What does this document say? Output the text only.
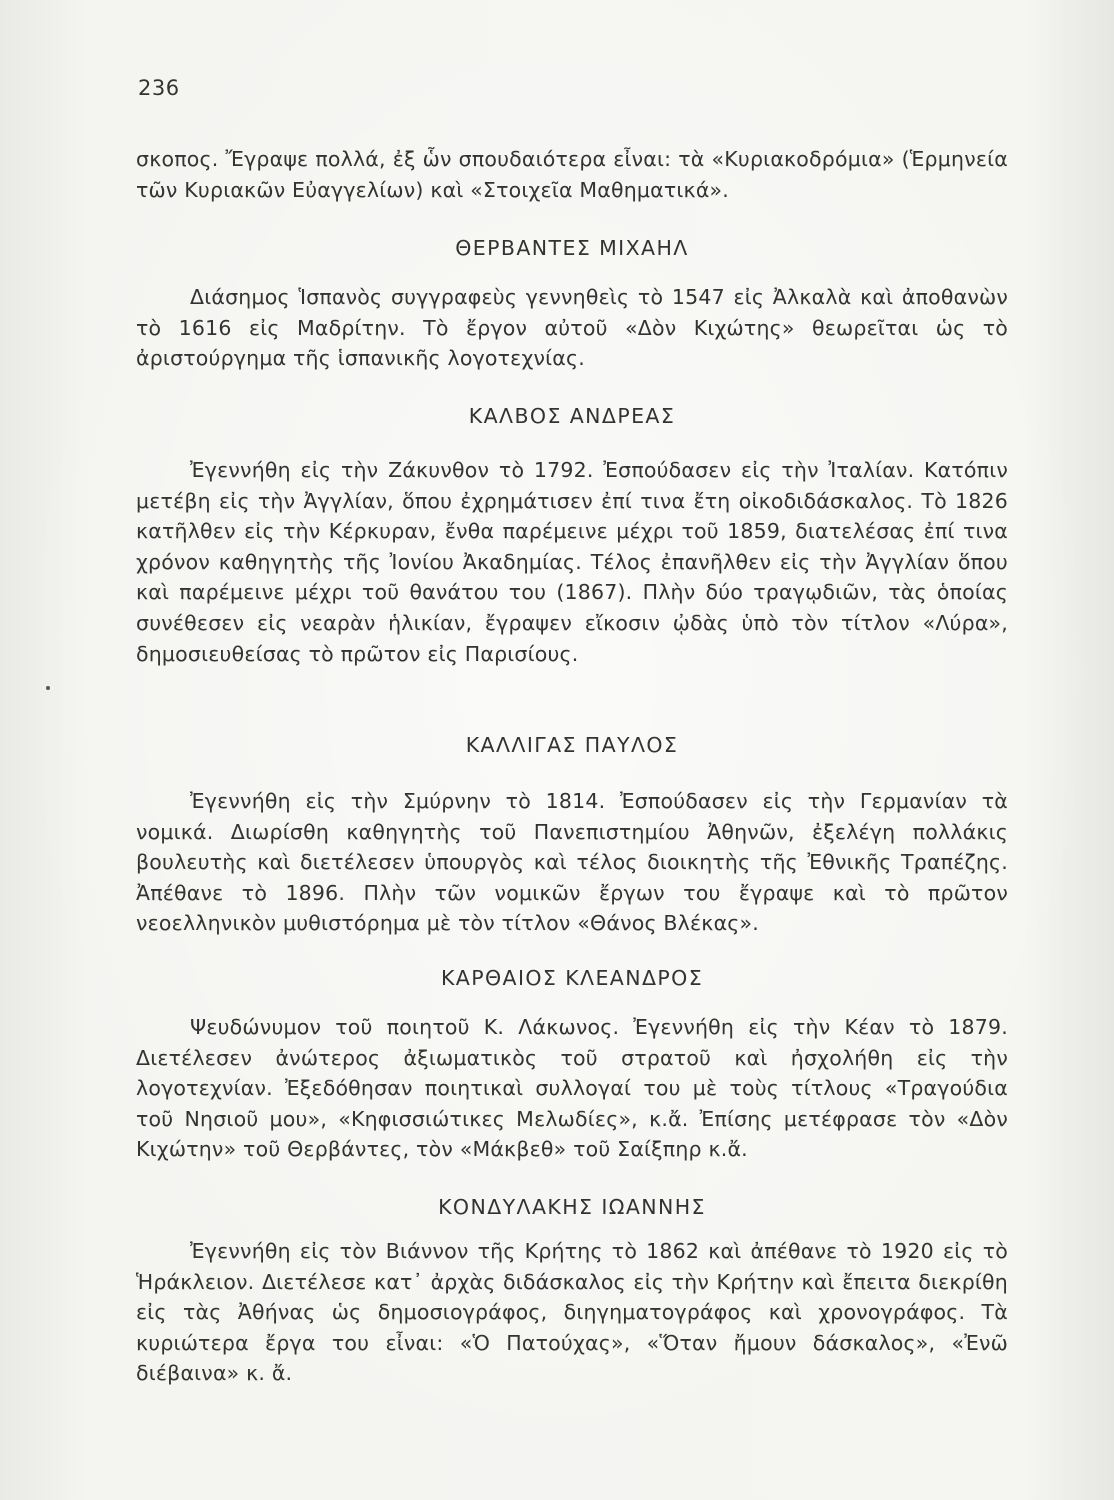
236
σκοπος. Ἔγραψε πολλά, ἐξ ὧν σπουδαιότερα εἶναι: τὰ «Κυριακοδρόμια» (Ἑρμηνεία τῶν Κυριακῶν Εὐαγγελίων) καὶ «Στοιχεῖα Μαθηματικά».
ΘΕΡΒΑΝΤΕΣ ΜΙΧΑΗΛ
Διάσημος Ἱσπανὸς συγγραφεὺς γεννηθεὶς τὸ 1547 εἰς Ἀλκαλὰ καὶ ἀποθανὼν τὸ 1616 εἰς Μαδρίτην. Τὸ ἔργον αὐτοῦ «Δὸν Κιχώτης» θεωρεῖται ὡς τὸ ἀριστούργημα τῆς ἱσπανικῆς λογοτεχνίας.
ΚΑΛΒΟΣ ΑΝΔΡΕΑΣ
Ἐγεννήθη εἰς τὴν Ζάκυνθον τὸ 1792. Ἐσπούδασεν εἰς τὴν Ἰταλίαν. Κατόπιν μετέβη εἰς τὴν Ἀγγλίαν, ὅπου ἐχρημάτισεν ἐπί τινα ἔτη οἰκοδιδάσκαλος. Τὸ 1826 κατῆλθεν εἰς τὴν Κέρκυραν, ἔνθα παρέμεινε μέχρι τοῦ 1859, διατελέσας ἐπί τινα χρόνον καθηγητὴς τῆς Ἰονίου Ἀκαδημίας. Τέλος ἐπανῆλθεν εἰς τὴν Ἀγγλίαν ὅπου καὶ παρέμεινε μέχρι τοῦ θανάτου του (1867). Πλὴν δύο τραγῳδιῶν, τὰς ὁποίας συνέθεσεν εἰς νεαρὰν ἡλικίαν, ἔγραψεν εἴκοσιν ᾠδὰς ὑπὸ τὸν τίτλον «Λύρα», δημοσιευθείσας τὸ πρῶτον εἰς Παρισίους.
ΚΑΛΛΙΓΑΣ ΠΑΥΛΟΣ
Ἐγεννήθη εἰς τὴν Σμύρνην τὸ 1814. Ἐσπούδασεν εἰς τὴν Γερμανίαν τὰ νομικά. Διωρίσθη καθηγητὴς τοῦ Πανεπιστημίου Ἀθηνῶν, ἐξελέγη πολλάκις βουλευτὴς καὶ διετέλεσεν ὑπουργὸς καὶ τέλος διοικητὴς τῆς Ἐθνικῆς Τραπέζης. Ἀπέθανε τὸ 1896. Πλὴν τῶν νομικῶν ἔργων του ἔγραψε καὶ τὸ πρῶτον νεοελληνικὸν μυθιστόρημα μὲ τὸν τίτλον «Θάνος Βλέκας».
ΚΑΡΘΑΙΟΣ ΚΛΕΑΝΔΡΟΣ
Ψευδώνυμον τοῦ ποιητοῦ Κ. Λάκωνος. Ἐγεννήθη εἰς τὴν Κέαν τὸ 1879. Διετέλεσεν ἀνώτερος ἀξιωματικὸς τοῦ στρατοῦ καὶ ἠσχολήθη εἰς τὴν λογοτεχνίαν. Ἐξεδόθησαν ποιητικαὶ συλλογαί του μὲ τοὺς τίτλους «Τραγούδια τοῦ Νησιοῦ μου», «Κηφισσιώτικες Μελωδίες», κ.ἄ. Ἐπίσης μετέφρασε τὸν «Δὸν Κιχώτην» τοῦ Θερβάντες, τὸν «Μάκβεθ» τοῦ Σαίξπηρ κ.ἄ.
ΚΟΝΔΥΛΑΚΗΣ ΙΩΑΝΝΗΣ
Ἐγεννήθη εἰς τὸν Βιάννον τῆς Κρήτης τὸ 1862 καὶ ἀπέθανε τὸ 1920 εἰς τὸ Ἡράκλειον. Διετέλεσε κατ᾽ ἀρχὰς διδάσκαλος εἰς τὴν Κρήτην καὶ ἔπειτα διεκρίθη εἰς τὰς Ἀθήνας ὡς δημοσιογράφος, διηγηματογράφος καὶ χρονογράφος. Τὰ κυριώτερα ἔργα του εἶναι: «Ὁ Πατούχας», «Ὅταν ἤμουν δάσκαλος», «Ἐνῶ διέβαινα» κ. ἄ.
